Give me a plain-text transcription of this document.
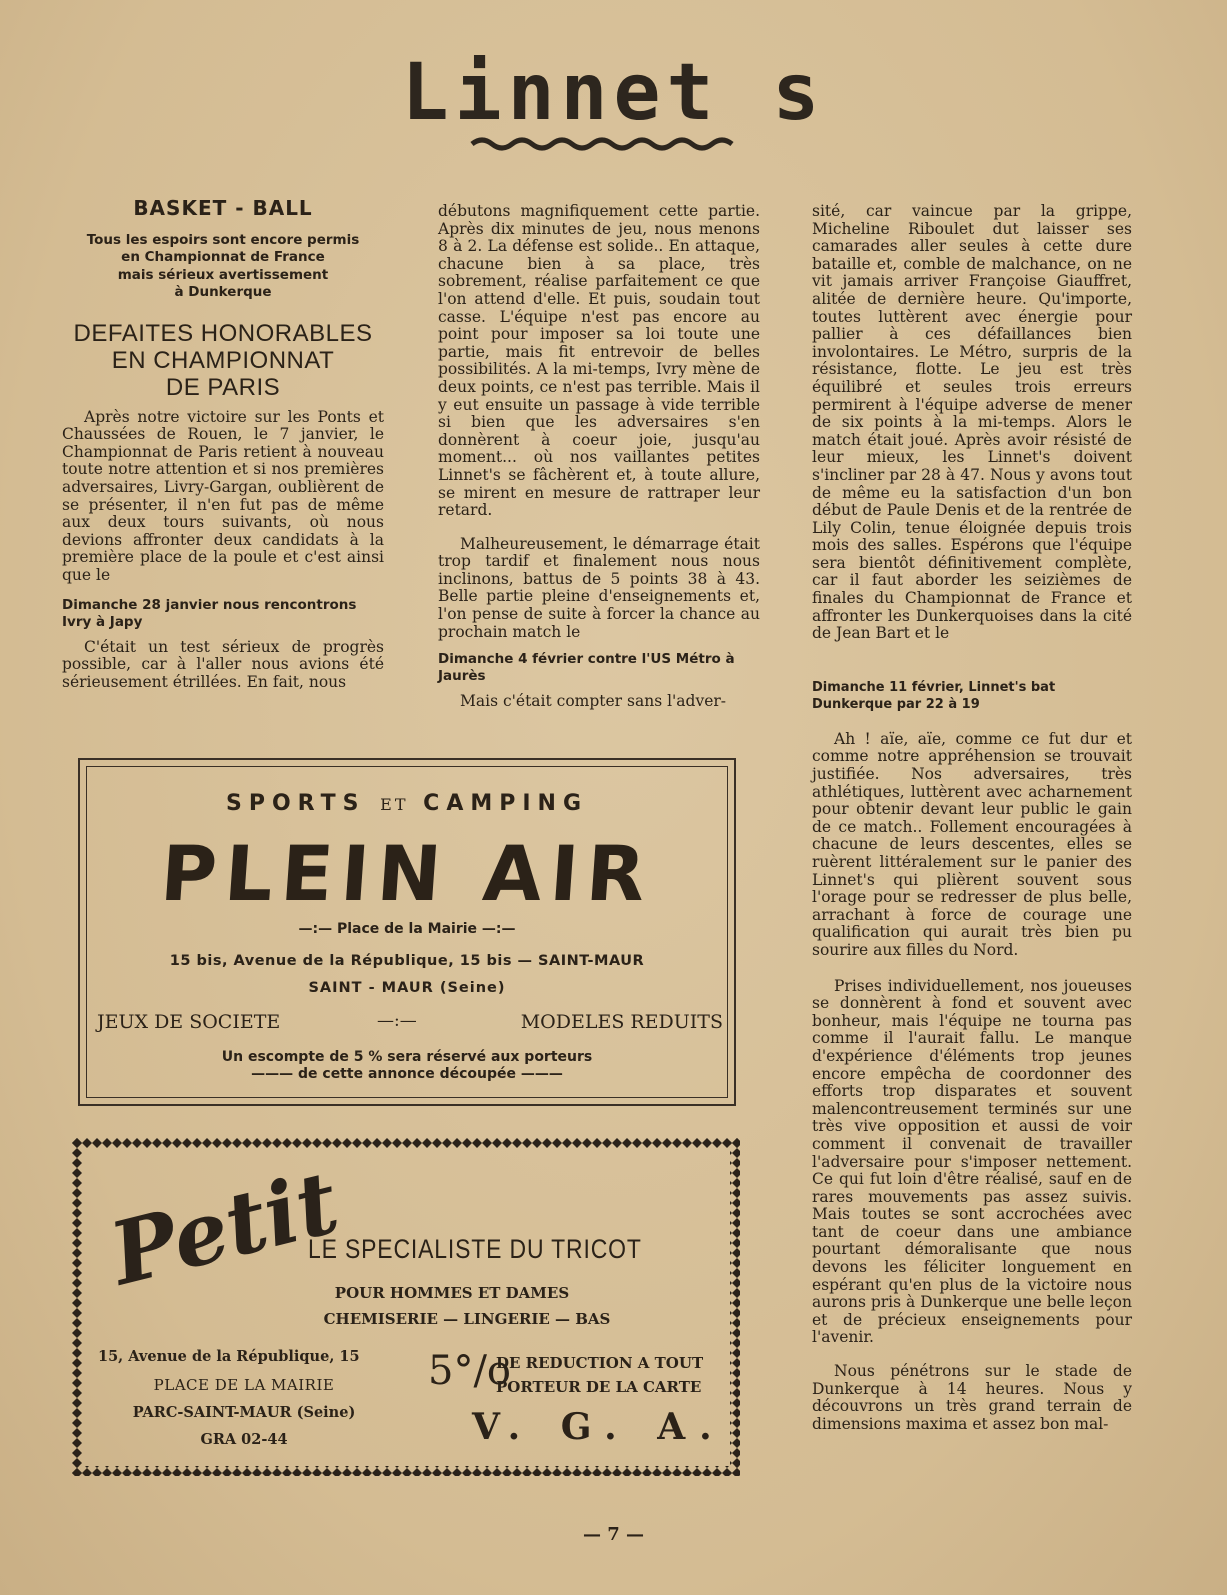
Linnet s
BASKET - BALL
Tous les espoirs sont encore permis
en Championnat de France
mais sérieux avertissement
à Dunkerque
DEFAITES HONORABLES
EN CHAMPIONNAT
DE PARIS

Après notre victoire sur les Ponts et Chaussées de Rouen, le 7 janvier, le Championnat de Paris retient à nouveau toute notre attention et si nos premières adversaires, Livry-Gargan, oublièrent de se présenter, il n'en fut pas de même aux deux tours suivants, où nous devions affronter deux candidats à la première place de la poule et c'est ainsi que le

Dimanche 28 janvier nous rencontrons Ivry à Japy

C'était un test sérieux de progrès possible, car à l'aller nous avions été sérieusement étrillées. En fait, nous

débutons magnifiquement cette partie. Après dix minutes de jeu, nous menons 8 à 2. La défense est solide.. En attaque, chacune bien à sa place, très sobrement, réalise parfaitement ce que l'on attend d'elle. Et puis, soudain tout casse. L'équipe n'est pas encore au point pour imposer sa loi toute une partie, mais fit entrevoir de belles possibilités. A la mi-temps, Ivry mène de deux points, ce n'est pas terrible. Mais il y eut ensuite un passage à vide terrible si bien que les adversaires s'en donnèrent à coeur joie, jusqu'au moment... où nos vaillantes petites Linnet's se fâchèrent et, à toute allure, se mirent en mesure de rattraper leur retard.

Malheureusement, le démarrage était trop tardif et finalement nous nous inclinons, battus de 5 points 38 à 43. Belle partie pleine d'enseignements et, l'on pense de suite à forcer la chance au prochain match le

Dimanche 4 février contre l'US Métro à Jaurès

Mais c'était compter sans l'adver-

sité, car vaincue par la grippe, Micheline Riboulet dut laisser ses camarades aller seules à cette dure bataille et, comble de malchance, on ne vit jamais arriver Françoise Giauffret, alitée de dernière heure. Qu'importe, toutes luttèrent avec énergie pour pallier à ces défaillances bien involontaires. Le Métro, surpris de la résistance, flotte. Le jeu est très équilibré et seules trois erreurs permirent à l'équipe adverse de mener de six points à la mi-temps. Alors le match était joué. Après avoir résisté de leur mieux, les Linnet's doivent s'incliner par 28 à 47. Nous y avons tout de même eu la satisfaction d'un bon début de Paule Denis et de la rentrée de Lily Colin, tenue éloignée depuis trois mois des salles. Espérons que l'équipe sera bientôt définitivement complète, car il faut aborder les seizièmes de finales du Championnat de France et affronter les Dunkerquoises dans la cité de Jean Bart et le

Dimanche 11 février, Linnet's bat Dunkerque par 22 à 19

Ah ! aïe, aïe, comme ce fut dur et comme notre appréhension se trouvait justifiée. Nos adversaires, très athlétiques, luttèrent avec acharnement pour obtenir devant leur public le gain de ce match.. Follement encouragées à chacune de leurs descentes, elles se ruèrent littéralement sur le panier des Linnet's qui plièrent souvent sous l'orage pour se redresser de plus belle, arrachant à force de courage une qualification qui aurait très bien pu sourire aux filles du Nord.

Prises individuellement, nos joueuses se donnèrent à fond et souvent avec bonheur, mais l'équipe ne tourna pas comme il l'aurait fallu. Le manque d'expérience d'éléments trop jeunes encore empêcha de coordonner des efforts trop disparates et souvent malencontreusement terminés sur une très vive opposition et aussi de voir comment il convenait de travailler l'adversaire pour s'imposer nettement. Ce qui fut loin d'être réalisé, sauf en de rares mouvements pas assez suivis. Mais toutes se sont accrochées avec tant de coeur dans une ambiance pourtant démoralisante que nous devons les féliciter longuement en espérant qu'en plus de la victoire nous aurons pris à Dunkerque une belle leçon et de précieux enseignements pour l'avenir.

Nous pénétrons sur le stade de Dunkerque à 14 heures. Nous y découvrons un très grand terrain de dimensions maxima et assez bon mal-

SPORTS ET CAMPING
PLEIN AIR
—:— Place de la Mairie —:—
15 bis, Avenue de la République, 15 bis — SAINT-MAUR
SAINT - MAUR (Seine)
JEUX DE SOCIETE	—:—	MODELES REDUITS
Un escompte de 5 % sera réservé aux porteurs
——— de cette annonce découpée ———
Petit
LE SPECIALISTE DU TRICOT
POUR HOMMES ET DAMES
CHEMISERIE — LINGERIE — BAS
15, Avenue de la République, 15
PLACE DE LA MAIRIE
PARC-SAINT-MAUR (Seine)
GRA 02-44
5°/o
DE REDUCTION A TOUT
PORTEUR DE LA CARTE
V. G. A.
— 7 —
